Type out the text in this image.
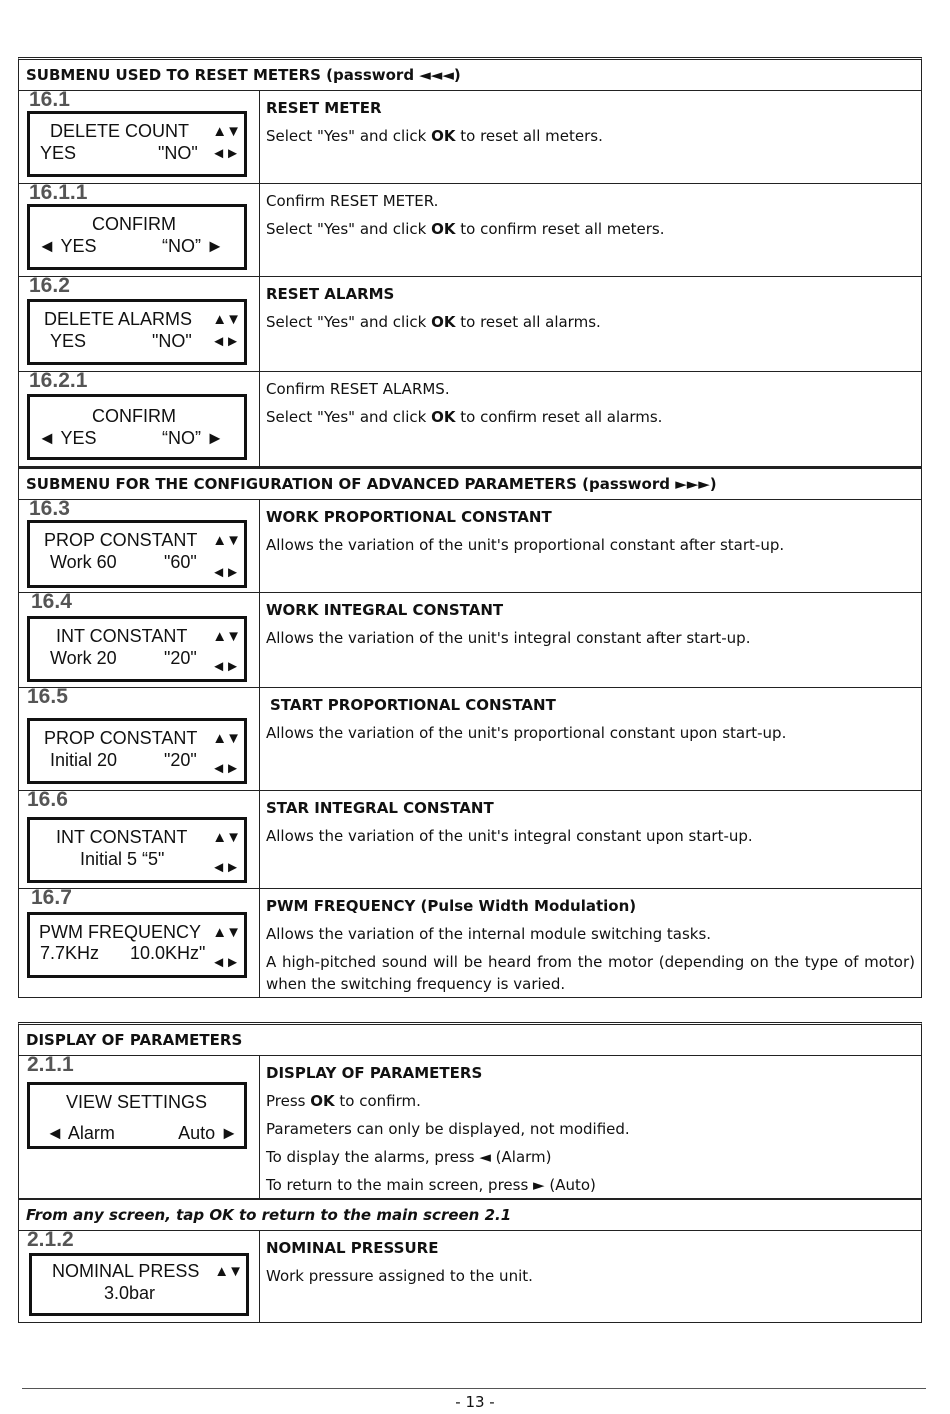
SUBMENU USED TO RESET METERS (password ◄◄◄)
16.1
DELETE COUNT ▲▼
YES	"NO" ◄►
RESET METER
Select "Yes" and click OK to reset all meters.
16.1.1
CONFIRM
◄ YES	“NO” ►
Confirm RESET METER.
Select "Yes" and click OK to confirm reset all meters.
16.2
DELETE ALARMS ▲▼
YES	"NO" ◄►
RESET ALARMS
Select "Yes" and click OK to reset all alarms.
16.2.1
CONFIRM
◄ YES	“NO” ►
Confirm RESET ALARMS.
Select "Yes" and click OK to confirm reset all alarms.
SUBMENU FOR THE CONFIGURATION OF ADVANCED PARAMETERS (password ►►►)
16.3
PROP CONSTANT ▲▼
Work 60	"60"
◄►
WORK PROPORTIONAL CONSTANT
Allows the variation of the unit's proportional constant after start-up.
16.4
INT CONSTANT ▲▼
Work 20	"20" ◄►
WORK INTEGRAL CONSTANT
Allows the variation of the unit's integral constant after start-up.
16.5
PROP CONSTANT ▲▼
Initial 20	"20" ◄►
START PROPORTIONAL CONSTANT
Allows the variation of the unit's proportional constant upon start-up.
16.6
INT CONSTANT ▲▼
Initial 5 “5"	◄►
STAR INTEGRAL CONSTANT
Allows the variation of the unit's integral constant upon start-up.
16.7
PWM FREQUENCY ▲▼
7.7KHz 10.0KHz" ◄►
PWM FREQUENCY (Pulse Width Modulation)
Allows the variation of the internal module switching tasks.
A high-pitched sound will be heard from the motor (depending on the type of motor) when the switching frequency is varied.
DISPLAY OF PARAMETERS
2.1.1
VIEW SETTINGS
◄ Alarm	Auto ►
DISPLAY OF PARAMETERS
Press OK to confirm.
Parameters can only be displayed, not modified.
To display the alarms, press ◄ (Alarm)
To return to the main screen, press ► (Auto)
From any screen, tap OK to return to the main screen 2.1
2.1.2
NOMINAL PRESS ▲▼
3.0bar
NOMINAL PRESSURE
Work pressure assigned to the unit.
- 13 -
